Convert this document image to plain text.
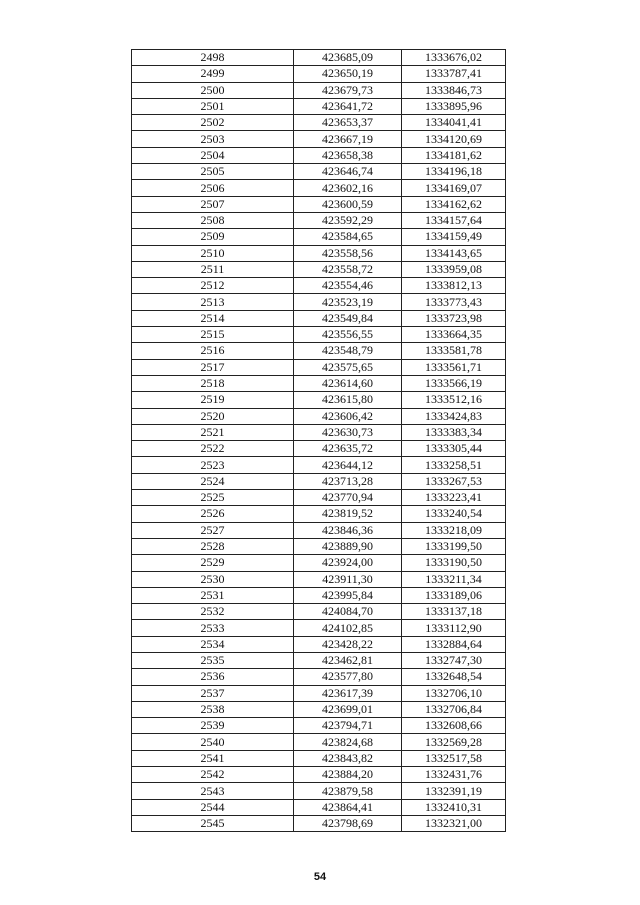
2498	423685,09	1333676,02
2499	423650,19	1333787,41
2500	423679,73	1333846,73
2501	423641,72	1333895,96
2502	423653,37	1334041,41
2503	423667,19	1334120,69
2504	423658,38	1334181,62
2505	423646,74	1334196,18
2506	423602,16	1334169,07
2507	423600,59	1334162,62
2508	423592,29	1334157,64
2509	423584,65	1334159,49
2510	423558,56	1334143,65
2511	423558,72	1333959,08
2512	423554,46	1333812,13
2513	423523,19	1333773,43
2514	423549,84	1333723,98
2515	423556,55	1333664,35
2516	423548,79	1333581,78
2517	423575,65	1333561,71
2518	423614,60	1333566,19
2519	423615,80	1333512,16
2520	423606,42	1333424,83
2521	423630,73	1333383,34
2522	423635,72	1333305,44
2523	423644,12	1333258,51
2524	423713,28	1333267,53
2525	423770,94	1333223,41
2526	423819,52	1333240,54
2527	423846,36	1333218,09
2528	423889,90	1333199,50
2529	423924,00	1333190,50
2530	423911,30	1333211,34
2531	423995,84	1333189,06
2532	424084,70	1333137,18
2533	424102,85	1333112,90
2534	423428,22	1332884,64
2535	423462,81	1332747,30
2536	423577,80	1332648,54
2537	423617,39	1332706,10
2538	423699,01	1332706,84
2539	423794,71	1332608,66
2540	423824,68	1332569,28
2541	423843,82	1332517,58
2542	423884,20	1332431,76
2543	423879,58	1332391,19
2544	423864,41	1332410,31
2545	423798,69	1332321,00
54
